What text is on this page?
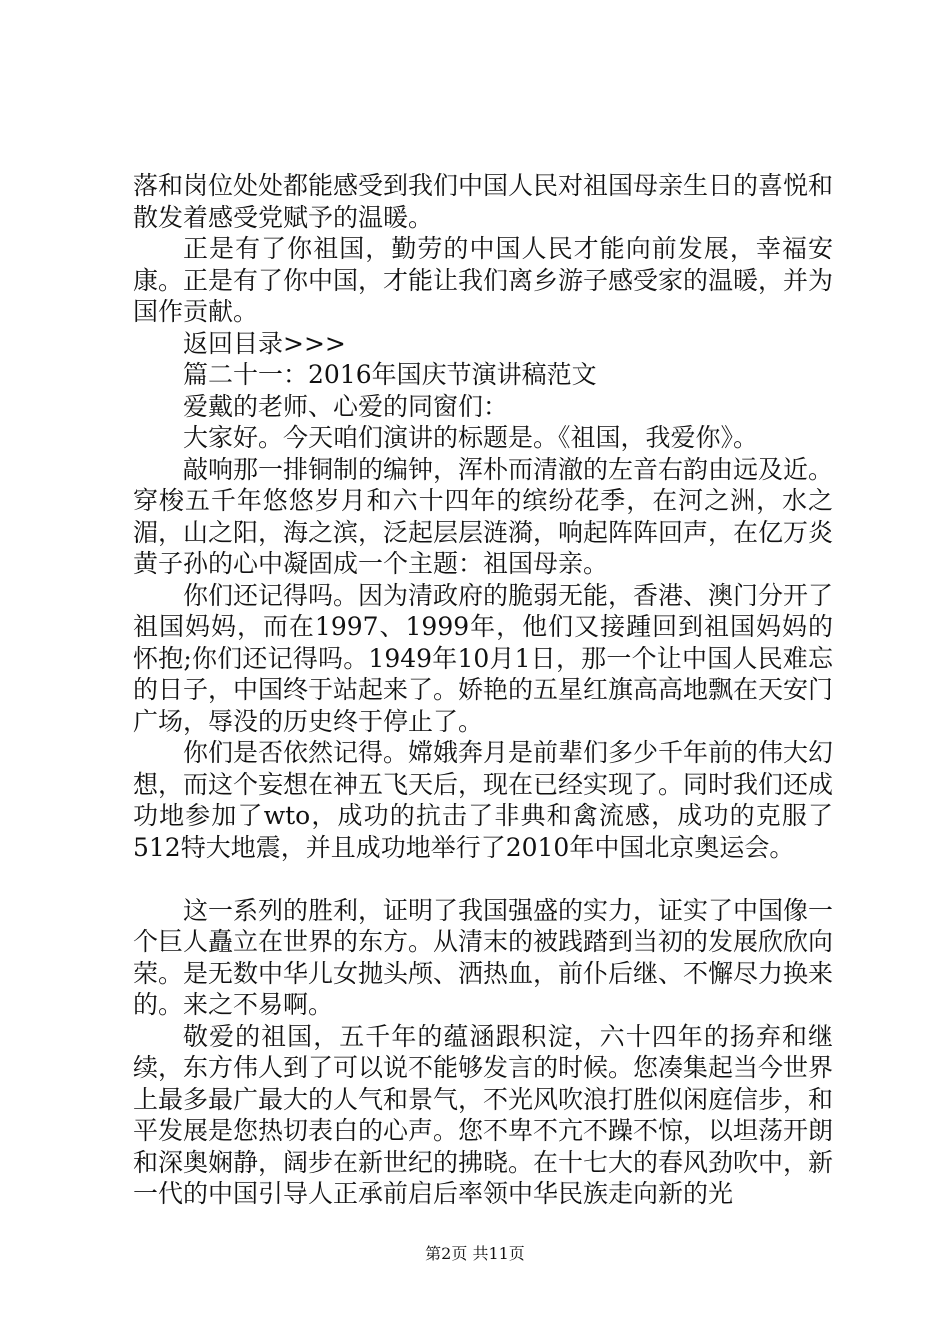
落和岗位处处都能感受到我们中国人民对祖国母亲生日的喜悦和散发着感受党赋予的温暖。

正是有了你祖国，勤劳的中国人民才能向前发展，幸福安康。正是有了你中国，才能让我们离乡游子感受家的温暖，并为国作贡献。

返回目录>>>

篇二十一：2016年国庆节演讲稿范文

爱戴的老师、心爱的同窗们：

大家好。今天咱们演讲的标题是。《祖国，我爱你》。

敲响那一排铜制的编钟，浑朴而清澈的左音右韵由远及近。穿梭五千年悠悠岁月和六十四年的缤纷花季，在河之洲，水之湄，山之阳，海之滨，泛起层层涟漪，响起阵阵回声，在亿万炎黄子孙的心中凝固成一个主题：祖国母亲。

你们还记得吗。因为清政府的脆弱无能，香港、澳门分开了祖国妈妈，而在1997、1999年，他们又接踵回到祖国妈妈的怀抱;你们还记得吗。1949年10月1日，那一个让中国人民难忘的日子，中国终于站起来了。娇艳的五星红旗高高地飘在天安门广场，辱没的历史终于停止了。

你们是否依然记得。嫦娥奔月是前辈们多少千年前的伟大幻想，而这个妄想在神五飞天后，现在已经实现了。同时我们还成功地参加了wto，成功的抗击了非典和禽流感，成功的克服了512特大地震，并且成功地举行了2010年中国北京奥运会。

这一系列的胜利，证明了我国强盛的实力，证实了中国像一个巨人矗立在世界的东方。从清末的被践踏到当初的发展欣欣向荣。是无数中华儿女抛头颅、洒热血，前仆后继、不懈尽力换来的。来之不易啊。

敬爱的祖国，五千年的蕴涵跟积淀，六十四年的扬弃和继续，东方伟人到了可以说不能够发言的时候。您凑集起当今世界上最多最广最大的人气和景气，不光风吹浪打胜似闲庭信步，和平发展是您热切表白的心声。您不卑不亢不躁不惊，以坦荡开朗和深奥娴静，阔步在新世纪的拂晓。在十七大的春风劲吹中，新一代的中国引导人正承前启后率领中华民族走向新的光

第2页 共11页
